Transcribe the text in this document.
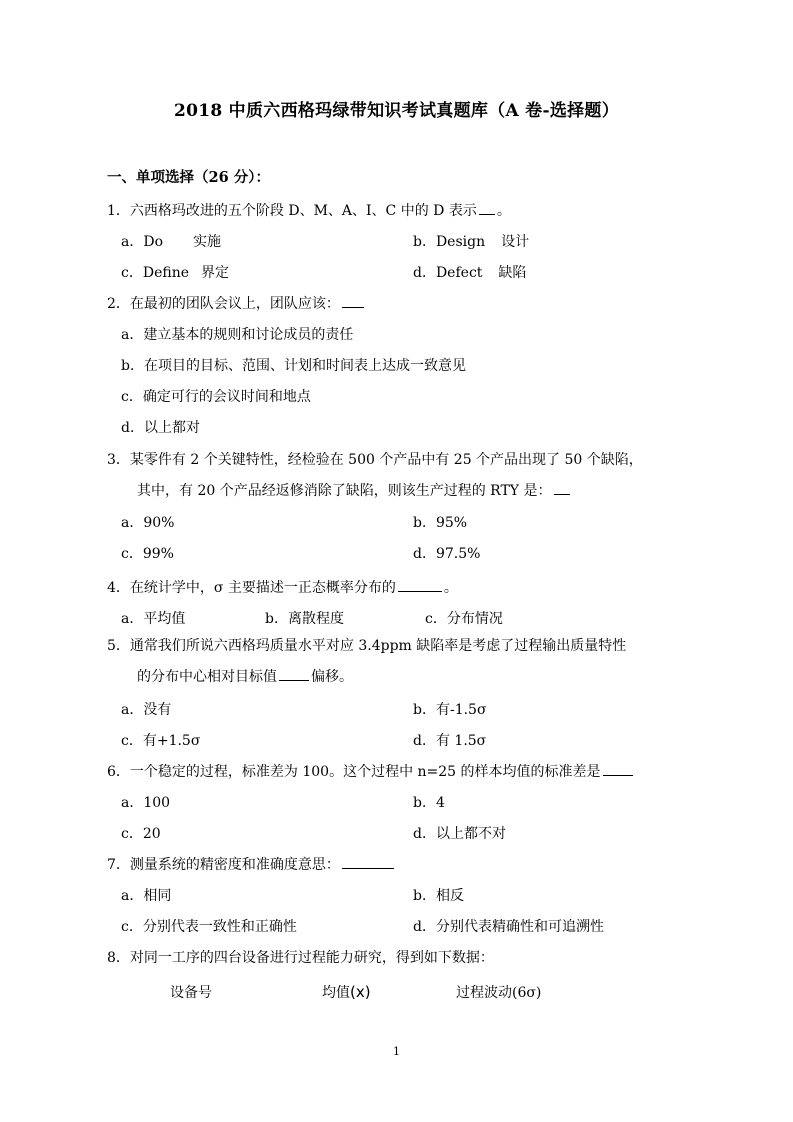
2018 中质六西格玛绿带知识考试真题库（A 卷-选择题）
一、单项选择（26 分）：
1．六西格玛改进的五个阶段 D、M、A、I、C 中的 D 表示 。
a．Do 实施	b．Design 设计
c．Define 界定	d．Defect 缺陷
2．在最初的团队会议上，团队应该：
a．建立基本的规则和讨论成员的责任
b．在项目的目标、范围、计划和时间表上达成一致意见
c．确定可行的会议时间和地点
d．以上都对
3．某零件有 2 个关键特性，经检验在 500 个产品中有 25 个产品出现了 50 个缺陷，
其中，有 20 个产品经返修消除了缺陷，则该生产过程的 RTY 是：
a．90%	b．95%
c．99%	d．97.5%
4．在统计学中，σ 主要描述一正态概率分布的	。
a．平均值	b．离散程度	c．分布情况
5．通常我们所说六西格玛质量水平对应 3.4ppm 缺陷率是考虑了过程输出质量特性
的分布中心相对目标值 偏移。
a．没有	b．有-1.5σ
c．有+1.5σ	d．有 1.5σ
6．一个稳定的过程，标准差为 100。这个过程中 n=25 的样本均值的标准差是
a．100	b．4
c．20	d．以上都不对
7．测量系统的精密度和准确度意思：
a．相同	b．相反
c．分别代表一致性和正确性	d．分别代表精确性和可追溯性
8．对同一工序的四台设备进行过程能力研究，得到如下数据：
设备号	均值(x)	过程波动(6σ)
1
